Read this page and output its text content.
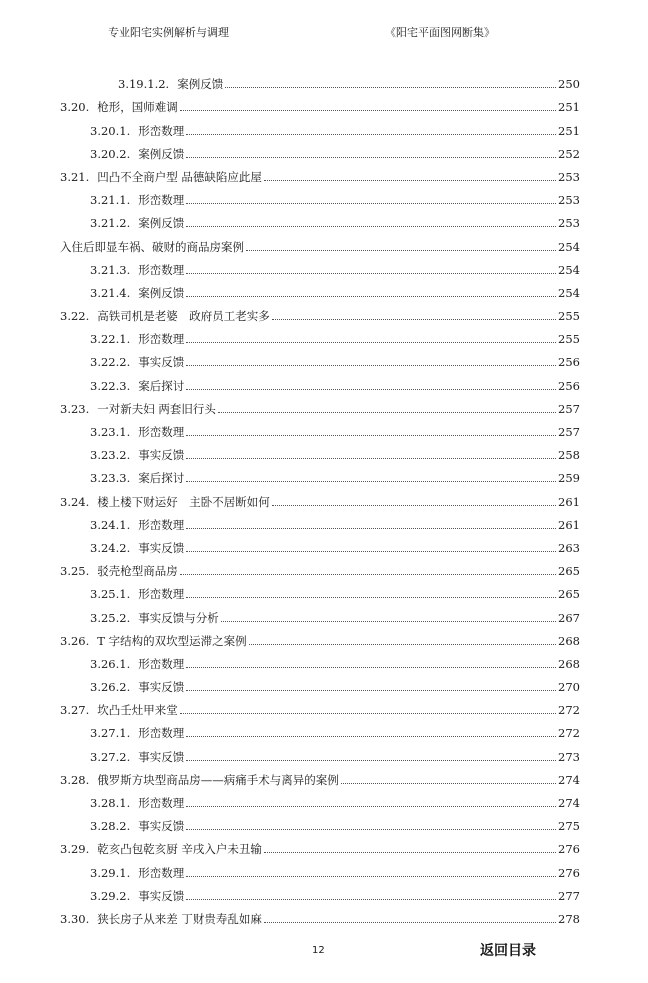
专业阳宅实例解析与调理	《阳宅平面图网断集》
3.19.1.2. 案例反馈	250
3.20. 枪形，国师难调	251
3.20.1. 形峦数理	251
3.20.2. 案例反馈	252
3.21. 凹凸不全商户型 品德缺陷应此屋	253
3.21.1. 形峦数理	253
3.21.2. 案例反馈	253
入住后即显车祸、破财的商品房案例	254
3.21.3. 形峦数理	254
3.21.4. 案例反馈	254
3.22. 高铁司机是老婆　政府员工老实多	255
3.22.1. 形峦数理	255
3.22.2. 事实反馈	256
3.22.3. 案后探讨	256
3.23. 一对新夫妇 两套旧行头	257
3.23.1. 形峦数理	257
3.23.2. 事实反馈	258
3.23.3. 案后探讨	259
3.24. 楼上楼下财运好　主卧不居断如何	261
3.24.1. 形峦数理	261
3.24.2. 事实反馈	263
3.25. 驳壳枪型商品房	265
3.25.1. 形峦数理	265
3.25.2. 事实反馈与分析	267
3.26. T 字结构的双坎型运滞之案例	268
3.26.1. 形峦数理	268
3.26.2. 事实反馈	270
3.27. 坎凸壬灶甲来堂	272
3.27.1. 形峦数理	272
3.27.2. 事实反馈	273
3.28. 俄罗斯方块型商品房——病痛手术与离异的案例	274
3.28.1. 形峦数理	274
3.28.2. 事实反馈	275
3.29. 乾亥凸包乾亥厨 辛戌入户未丑输	276
3.29.1. 形峦数理	276
3.29.2. 事实反馈	277
3.30. 狭长房子从来差 丁财贵寿乱如麻	278
12	返回目录
